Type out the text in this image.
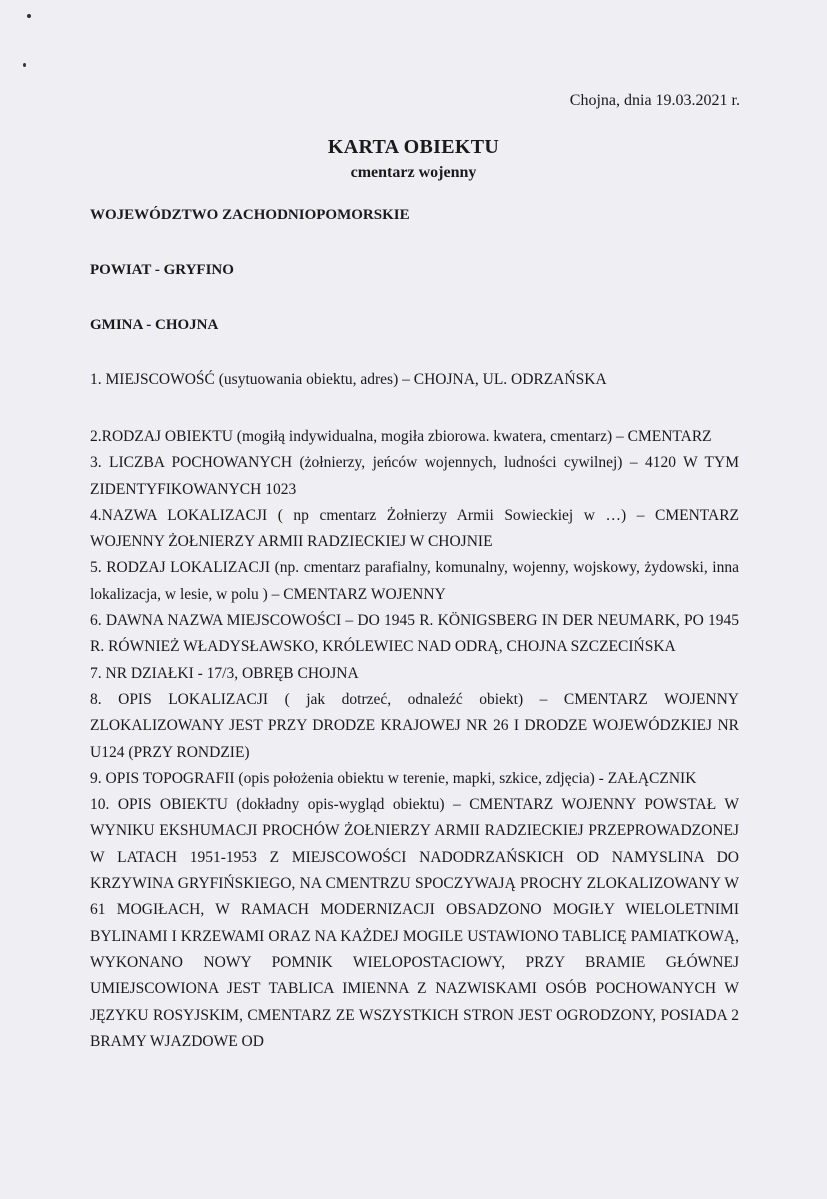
Chojna, dnia 19.03.2021 r.
KARTA OBIEKTU
cmentarz wojenny
WOJEWÓDZTWO ZACHODNIOPOMORSKIE
POWIAT - GRYFINO
GMINA - CHOJNA
1. MIEJSCOWOŚĆ (usytuowania obiektu, adres) – CHOJNA, UL. ODRZAŃSKA

2.RODZAJ OBIEKTU (mogiłą indywidualna, mogiła zbiorowa. kwatera, cmentarz) – CMENTARZ

3. LICZBA POCHOWANYCH (żołnierzy, jeńców wojennych, ludności cywilnej) – 4120 W TYM ZIDENTYFIKOWANYCH 1023

4.NAZWA LOKALIZACJI ( np cmentarz Żołnierzy Armii Sowieckiej w …) – CMENTARZ WOJENNY ŻOŁNIERZY ARMII RADZIECKIEJ W CHOJNIE

5. RODZAJ LOKALIZACJI (np. cmentarz parafialny, komunalny, wojenny, wojskowy, żydowski, inna lokalizacja, w lesie, w polu ) – CMENTARZ WOJENNY

6. DAWNA NAZWA MIEJSCOWOŚCI – DO 1945 R. KÖNIGSBERG IN DER NEUMARK, PO 1945 R. RÓWNIEŻ WŁADYSŁAWSKO, KRÓLEWIEC NAD ODRĄ, CHOJNA SZCZECIŃSKA

7. NR DZIAŁKI - 17/3, OBRĘB CHOJNA

8. OPIS LOKALIZACJI ( jak dotrzeć, odnaleźć obiekt) – CMENTARZ WOJENNY ZLOKALIZOWANY JEST PRZY DRODZE KRAJOWEJ NR 26 I DRODZE WOJEWÓDZKIEJ NR U124 (PRZY RONDZIE)

9. OPIS TOPOGRAFII (opis położenia obiektu w terenie, mapki, szkice, zdjęcia) - ZAŁĄCZNIK

10. OPIS OBIEKTU (dokładny opis-wygląd obiektu) – CMENTARZ WOJENNY POWSTAŁ W WYNIKU EKSHUMACJI PROCHÓW ŻOŁNIERZY ARMII RADZIECKIEJ PRZEPROWADZONEJ W LATACH 1951-1953 Z MIEJSCOWOŚCI NADODRZAŃSKICH OD NAMYSLINA DO KRZYWINA GRYFIŃSKIEGO, NA CMENTRZU SPOCZYWAJĄ PROCHY ZLOKALIZOWANY W 61 MOGIŁACH, W RAMACH MODERNIZACJI OBSADZONO MOGIŁY WIELOLETNIMI BYLINAMI I KRZEWAMI ORAZ NA KAŻDEJ MOGILE USTAWIONO TABLICĘ PAMIATKOWĄ, WYKONANO NOWY POMNIK WIELOPOSTACIOWY, PRZY BRAMIE GŁÓWNEJ UMIEJSCOWIONA JEST TABLICA IMIENNA Z NAZWISKAMI OSÓB POCHOWANYCH W JĘZYKU ROSYJSKIM, CMENTARZ ZE WSZYSTKICH STRON JEST OGRODZONY, POSIADA 2 BRAMY WJAZDOWE OD
